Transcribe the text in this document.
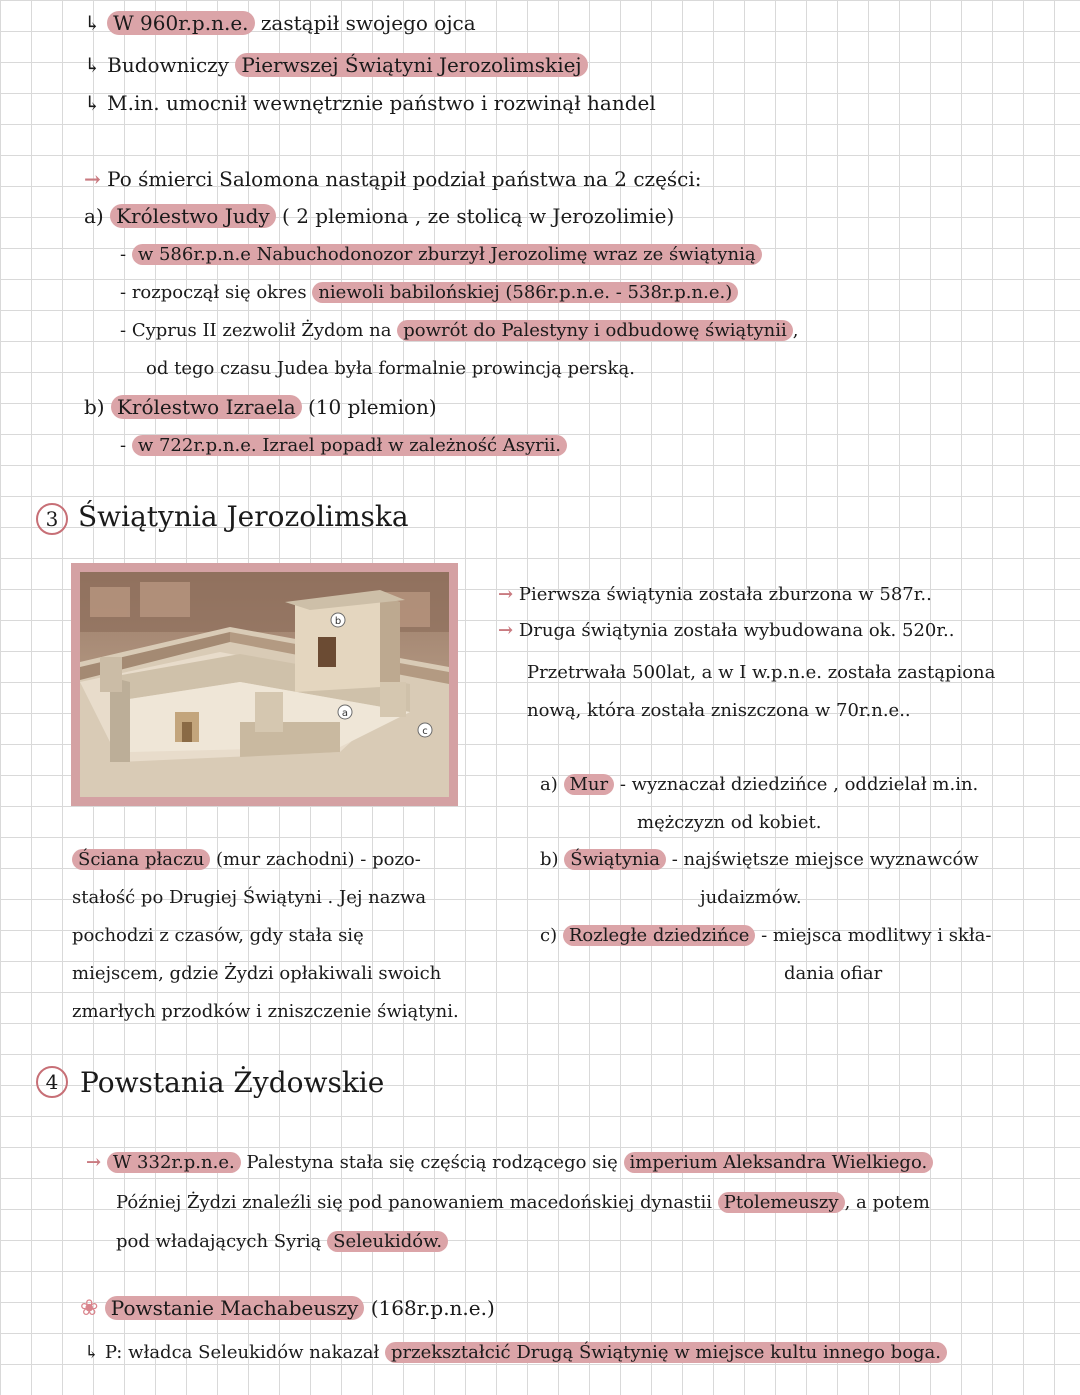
↳ W 960r.p.n.e. zastąpił swojego ojca
↳ Budowniczy Pierwszej Świątyni Jerozolimskiej
↳ M.in. umocnił wewnętrznie państwo i rozwinął handel
→ Po śmierci Salomona nastąpił podział państwa na 2 części:
a) Królestwo Judy ( 2 plemiona , ze stolicą w Jerozolimie)
- w 586r.p.n.e Nabuchodonozor zburzył Jerozolimę wraz ze świątynią
- rozpoczął się okres niewoli babilońskiej (586r.p.n.e. - 538r.p.n.e.)
- Cyprus II zezwolił Żydom na powrót do Palestyny i odbudowę świątynii ,
od tego czasu Judea była formalnie prowincją perską.
b) Królestwo Izraela (10 plemion)
- w 722r.p.n.e. Izrael popadł w zależność Asyrii.
3 Świątynia Jerozolimska
b
a
c
→ Pierwsza świątynia została zburzona w 587r..
→ Druga świątynia została wybudowana ok. 520r..
Przetrwała 500lat, a w I w.p.n.e. została zastąpiona
nową, która została zniszczona w 70r.n.e..
a) Mur - wyznaczał dziedzińce , oddzielał m.in.
mężczyzn od kobiet.
b) Świątynia - najświętsze miejsce wyznawców
judaizmów.
c) Rozległe dziedzińce - miejsca modlitwy i skła-
dania ofiar
Ściana płaczu (mur zachodni) - pozo-
stałość po Drugiej Świątyni . Jej nazwa
pochodzi z czasów, gdy stała się
miejscem, gdzie Żydzi opłakiwali swoich
zmarłych przodków i zniszczenie świątyni.
4 Powstania Żydowskie
→ W 332r.p.n.e. Palestyna stała się częścią rodzącego się imperium Aleksandra Wielkiego.
Później Żydzi znaleźli się pod panowaniem macedońskiej dynastii Ptolemeuszy , a potem
pod władających Syrią Seleukidów.
❀ Powstanie Machabeuszy (168r.p.n.e.)
↳ P: władca Seleukidów nakazał przekształcić Drugą Świątynię w miejsce kultu innego boga.
